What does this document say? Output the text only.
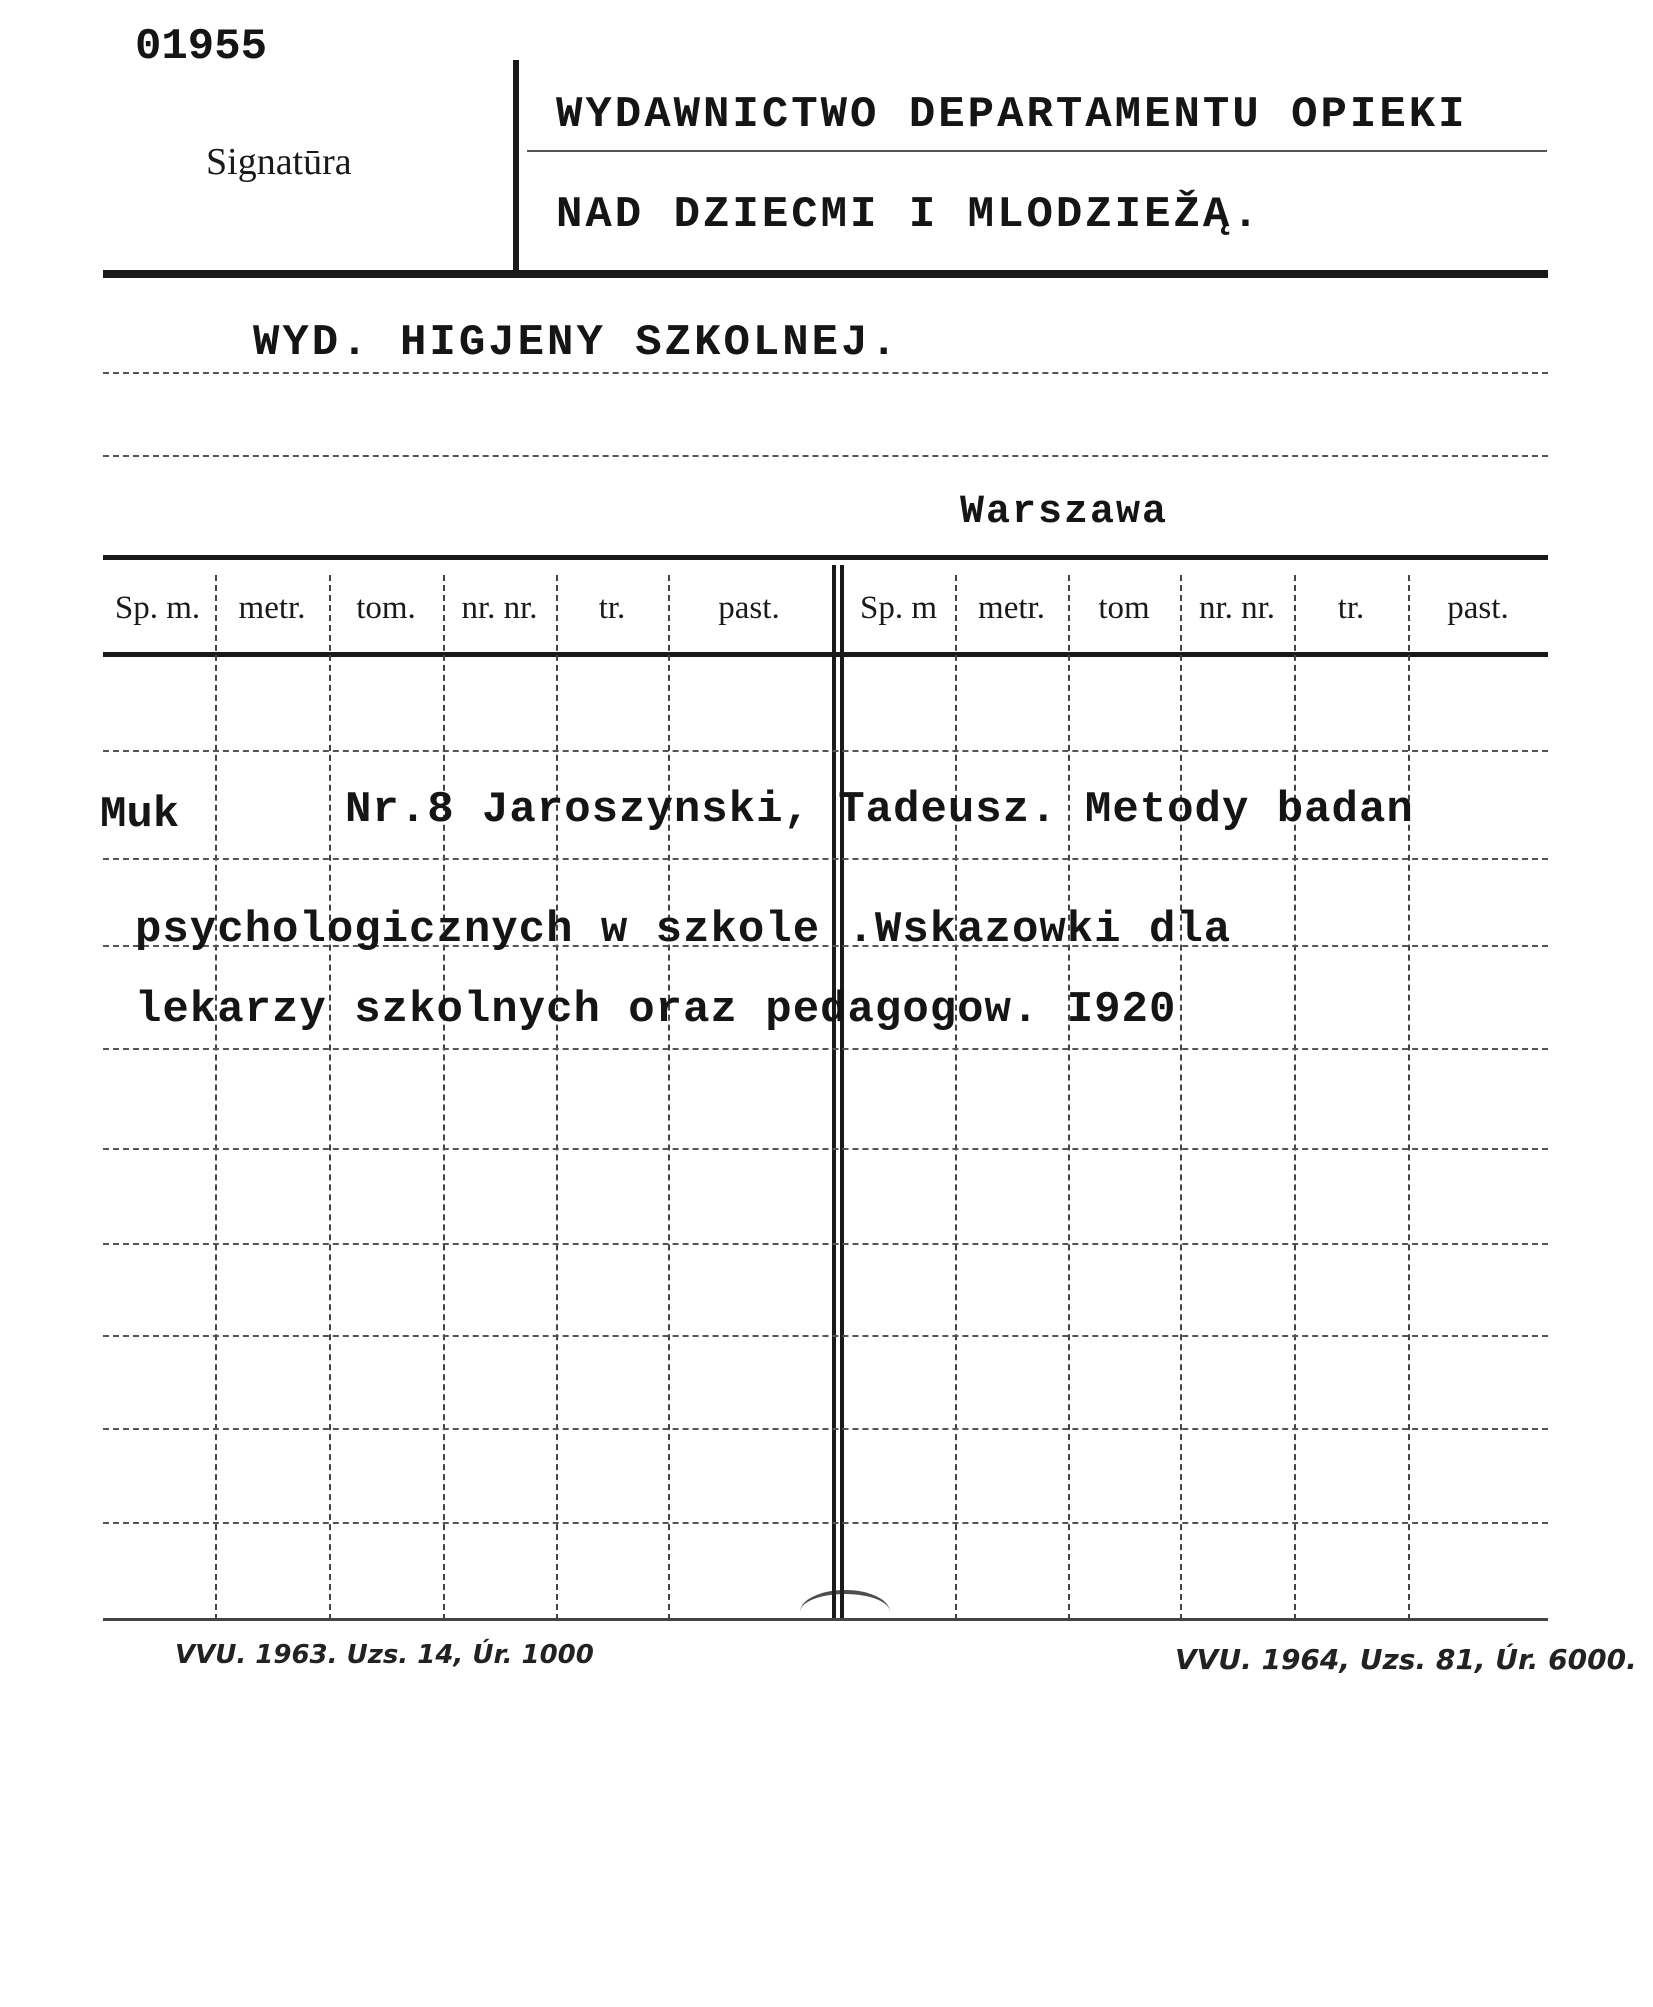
01955
Signatūra
WYDAWNICTWO DEPARTAMENTU OPIEKI
NAD DZIECMI I MLODZIEŽĄ.
WYD. HIGJENY SZKOLNEJ.
Warszawa
Sp. m.	metr.	tom.	nr. nr.	tr.	past.	Sp. m	metr.	tom	nr. nr.	tr.	past.
Muk	Nr.8 Jaroszynski, Tadeusz. Metody badan
psychologicznych w szkole .Wskazowki dla
lekarzy szkolnych oraz pedagogow. I920
VVU. 1963. Uzs. 14, Úr. 1000	VVU. 1964, Uzs. 81, Úr. 6000.
